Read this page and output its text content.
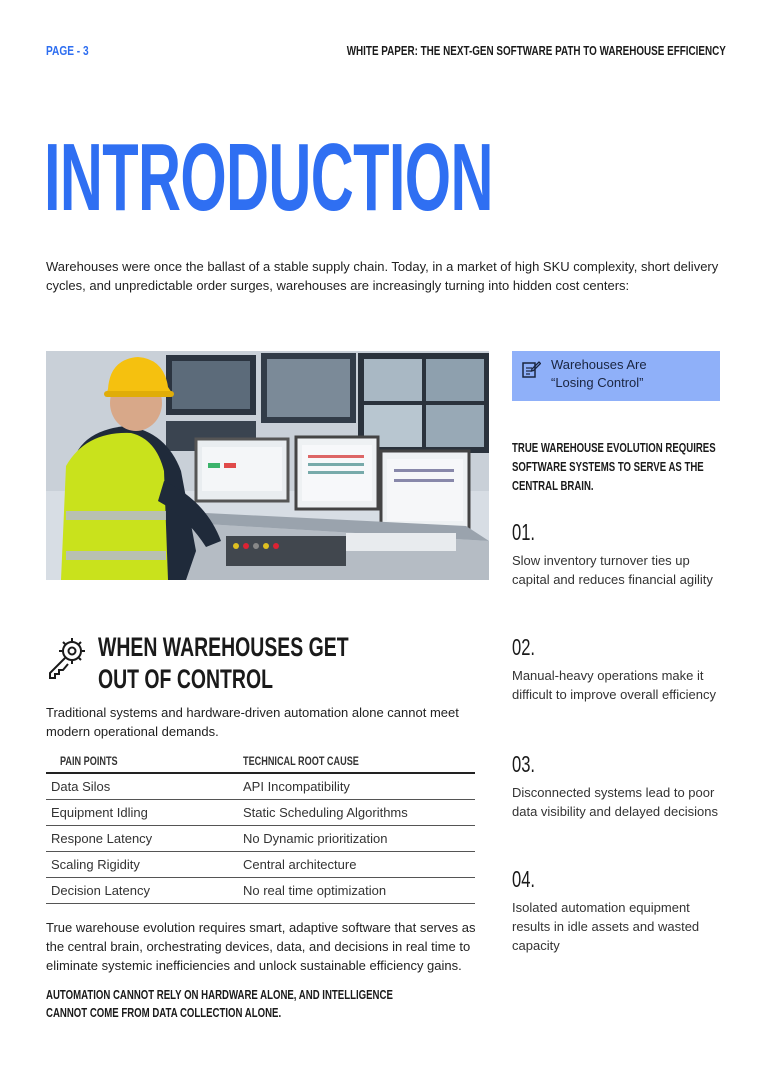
PAGE - 3	WHITE PAPER: THE NEXT-GEN SOFTWARE PATH TO WAREHOUSE EFFICIENCY
INTRODUCTION
Warehouses were once the ballast of a stable supply chain. Today, in a market of high SKU complexity, short delivery cycles, and unpredictable order surges, warehouses are increasingly turning into hidden cost centers:
Warehouses Are
“Losing Control”
TRUE WAREHOUSE EVOLUTION REQUIRES SOFTWARE SYSTEMS TO SERVE AS THE CENTRAL BRAIN.
01.
Slow inventory turnover ties up capital and reduces financial agility
02.
Manual-heavy operations make it difficult to improve overall efficiency
03.
Disconnected systems lead to poor data visibility and delayed decisions
04.
Isolated automation equipment results in idle assets and wasted capacity
WHEN WAREHOUSES GET
OUT OF CONTROL
Traditional systems and hardware-driven automation alone cannot meet modern operational demands.
PAIN POINTS	TECHNICAL ROOT CAUSE
Data Silos	API Incompatibility
Equipment Idling	Static Scheduling Algorithms
Respone Latency	No Dynamic prioritization
Scaling Rigidity	Central architecture
Decision Latency	No real time optimization
True warehouse evolution requires smart, adaptive software that serves as the central brain, orchestrating devices, data, and decisions in real time to eliminate systemic inefficiencies and unlock sustainable efficiency gains.
AUTOMATION CANNOT RELY ON HARDWARE ALONE, AND INTELLIGENCE
CANNOT COME FROM DATA COLLECTION ALONE.
